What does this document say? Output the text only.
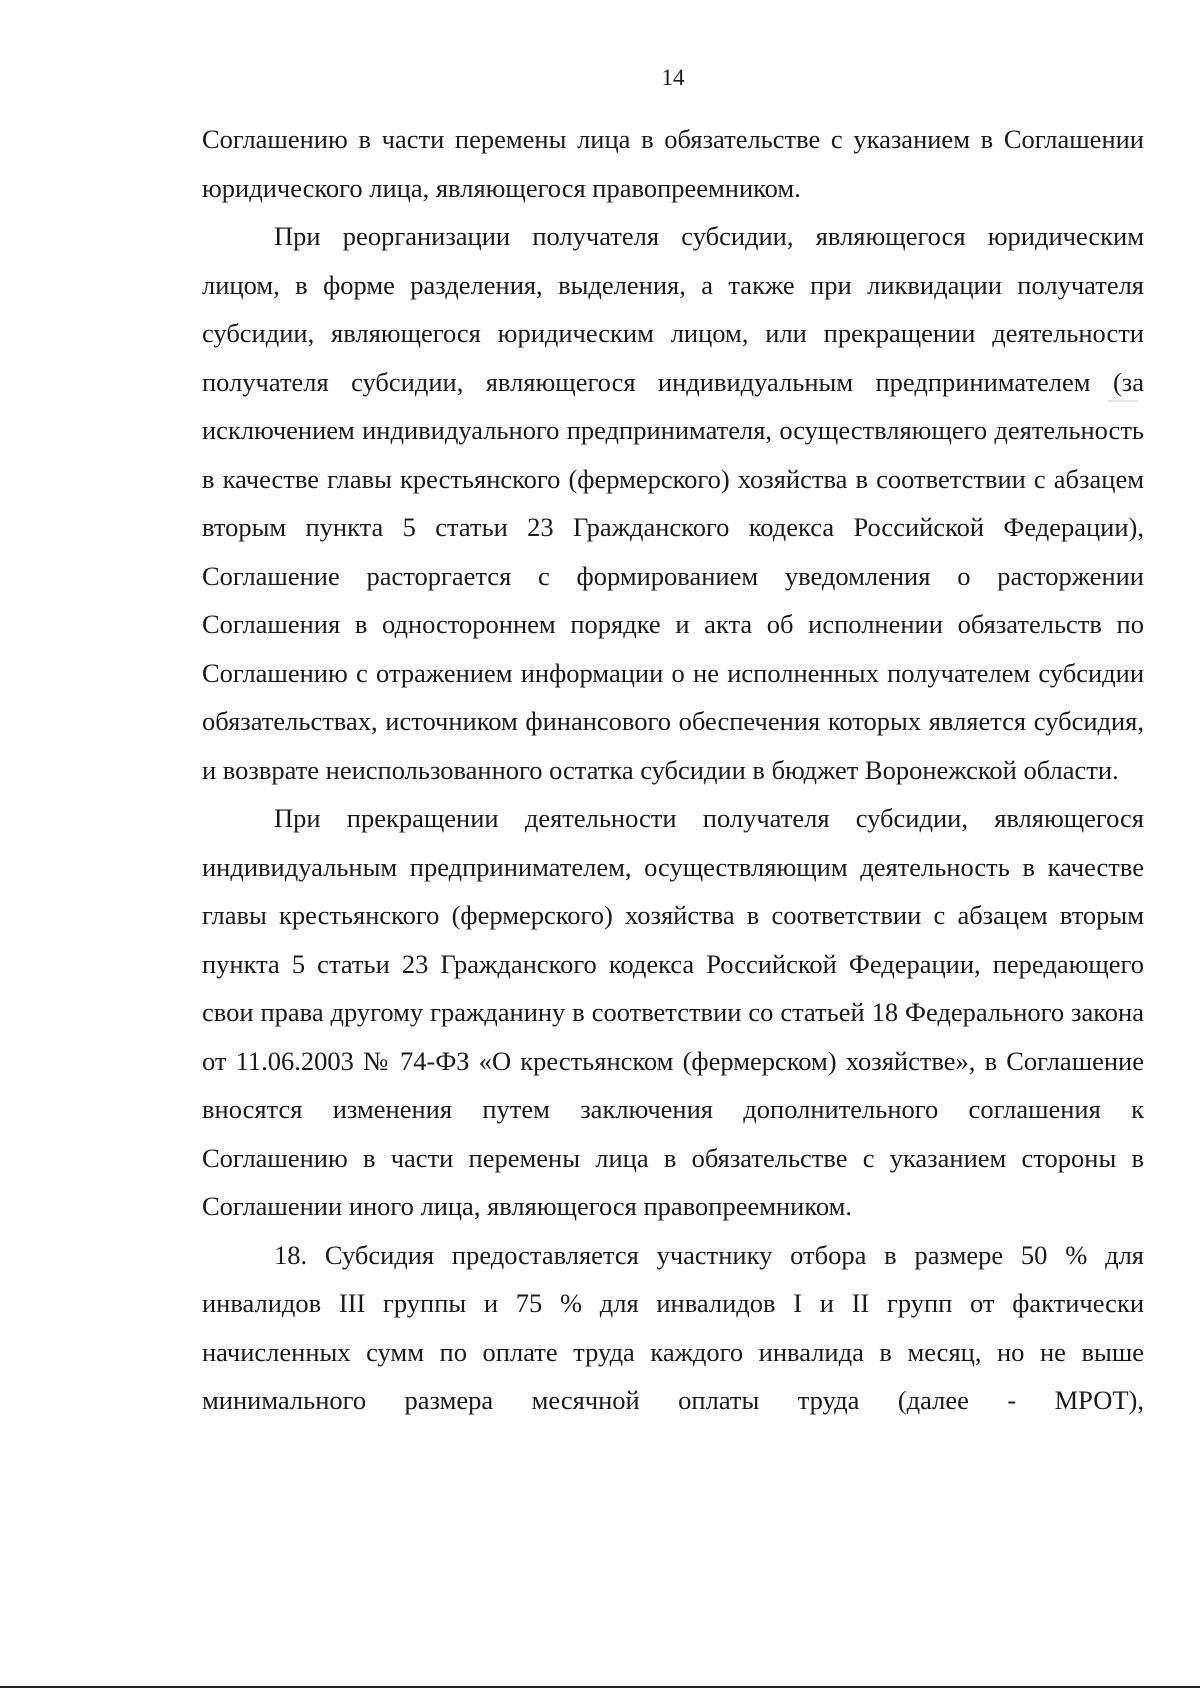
14

Соглашению в части перемены лица в обязательстве с указанием в Соглашении юридического лица, являющегося правопреемником.

При реорганизации получателя субсидии, являющегося юридическим лицом, в форме разделения, выделения, а также при ликвидации получателя субсидии, являющегося юридическим лицом, или прекращении деятельности получателя субсидии, являющегося индивидуальным предпринимателем (за исключением индивидуального предпринимателя, осуществляющего деятельность в качестве главы крестьянского (фермерского) хозяйства в соответствии с абзацем вторым пункта 5 статьи 23 Гражданского кодекса Российской Федерации), Соглашение расторгается с формированием уведомления о расторжении Соглашения в одностороннем порядке и акта об исполнении обязательств по Соглашению с отражением информации о не исполненных получателем субсидии обязательствах, источником финансового обеспечения которых является субсидия, и возврате неиспользованного остатка субсидии в бюджет Воронежской области.

При прекращении деятельности получателя субсидии, являющегося индивидуальным предпринимателем, осуществляющим деятельность в качестве главы крестьянского (фермерского) хозяйства в соответствии с абзацем вторым пункта 5 статьи 23 Гражданского кодекса Российской Федерации, передающего свои права другому гражданину в соответствии со статьей 18 Федерального закона от 11.06.2003 № 74-ФЗ «О крестьянском (фермерском) хозяйстве», в Соглашение вносятся изменения путем заключения дополнительного соглашения к Соглашению в части перемены лица в обязательстве с указанием стороны в Соглашении иного лица, являющегося правопреемником.

18. Субсидия предоставляется участнику отбора в размере 50 % для инвалидов III группы и 75 % для инвалидов I и II групп от фактически начисленных сумм по оплате труда каждого инвалида в месяц, но не выше минимального размера месячной оплаты труда (далее - МРОТ),
